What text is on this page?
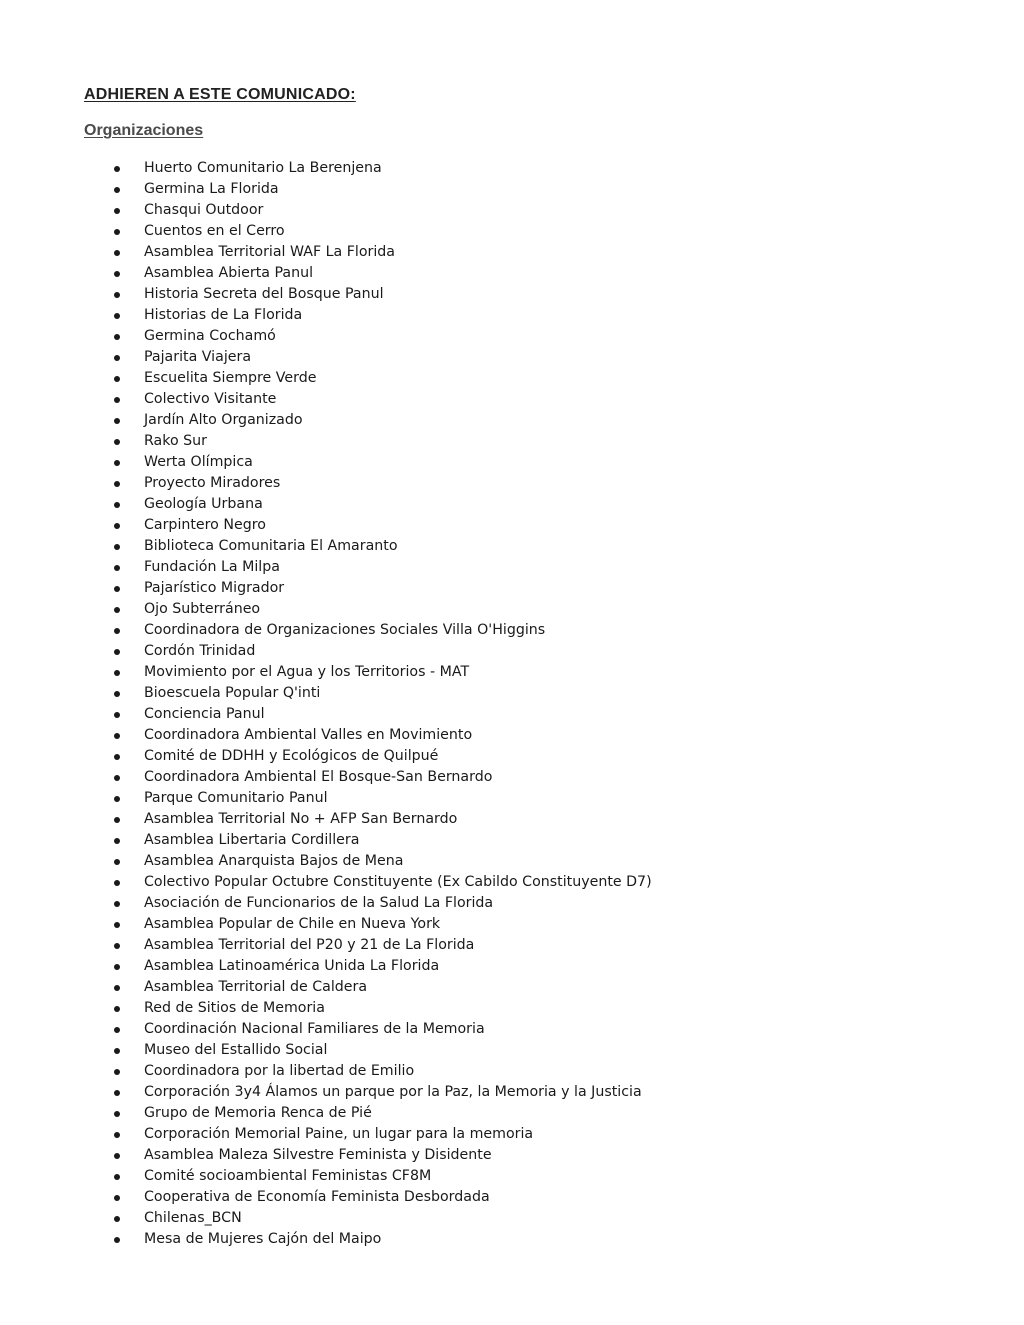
ADHIEREN A ESTE COMUNICADO:
Organizaciones
Huerto Comunitario La Berenjena
Germina La Florida
Chasqui Outdoor
Cuentos en el Cerro
Asamblea Territorial WAF La Florida
Asamblea Abierta Panul
Historia Secreta del Bosque Panul
Historias de La Florida
Germina Cochamó
Pajarita Viajera
Escuelita Siempre Verde
Colectivo Visitante
Jardín Alto Organizado
Rako Sur
Werta Olímpica
Proyecto Miradores
Geología Urbana
Carpintero Negro
Biblioteca Comunitaria El Amaranto
Fundación La Milpa
Pajarístico Migrador
Ojo Subterráneo
Coordinadora de Organizaciones Sociales Villa O'Higgins
Cordón Trinidad
Movimiento por el Agua y los Territorios - MAT
Bioescuela Popular Q'inti
Conciencia Panul
Coordinadora Ambiental Valles en Movimiento
Comité de DDHH y Ecológicos de Quilpué
Coordinadora Ambiental El Bosque-San Bernardo
Parque Comunitario Panul
Asamblea Territorial No + AFP San Bernardo
Asamblea Libertaria Cordillera
Asamblea Anarquista Bajos de Mena
Colectivo Popular Octubre Constituyente (Ex Cabildo Constituyente D7)
Asociación de Funcionarios de la Salud La Florida
Asamblea Popular de Chile en Nueva York
Asamblea Territorial del P20 y 21 de La Florida
Asamblea Latinoamérica Unida La Florida
Asamblea Territorial de Caldera
Red de Sitios de Memoria
Coordinación Nacional Familiares de la Memoria
Museo del Estallido Social
Coordinadora por la libertad de Emilio
Corporación 3y4 Álamos un parque por la Paz, la Memoria y la Justicia
Grupo de Memoria Renca de Pié
Corporación Memorial Paine, un lugar para la memoria
Asamblea Maleza Silvestre Feminista y Disidente
Comité socioambiental Feministas CF8M
Cooperativa de Economía Feminista Desbordada
Chilenas_BCN
Mesa de Mujeres Cajón del Maipo
